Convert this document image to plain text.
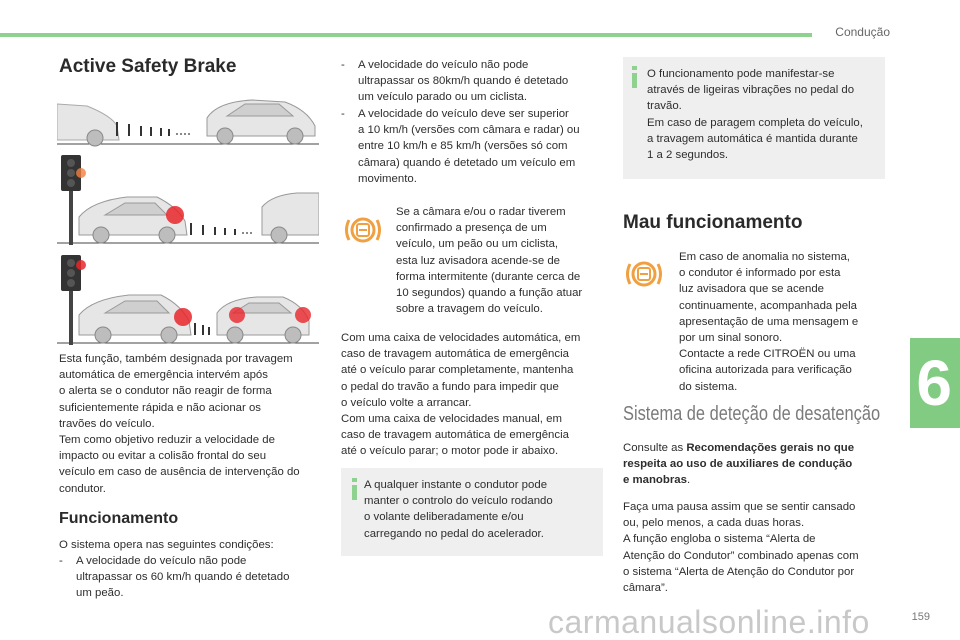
Condução
6
Active Safety Brake
Esta função, também designada por travagem
automática de emergência intervém após
o alerta se o condutor não reagir de forma
suficientemente rápida e não acionar os
travões do veículo.
Tem como objetivo reduzir a velocidade de
impacto ou evitar a colisão frontal do seu
veículo em caso de ausência de intervenção do
condutor.
Funcionamento
O sistema opera nas seguintes condições:
-	A velocidade do veículo não pode
ultrapassar os 60 km/h quando é detetado
um peão.
-	A velocidade do veículo não pode
ultrapassar os 80km/h quando é detetado
um veículo parado ou um ciclista.
-	A velocidade do veículo deve ser superior
a 10 km/h (versões com câmara e radar) ou
entre 10 km/h e 85 km/h (versões só com
câmara) quando é detetado um veículo em
movimento.
Se a câmara e/ou o radar tiverem
confirmado a presença de um
veículo, um peão ou um ciclista,
esta luz avisadora acende-se de
forma intermitente (durante cerca de
10 segundos) quando a função atuar
sobre a travagem do veículo.
Com uma caixa de velocidades automática, em
caso de travagem automática de emergência
até o veículo parar completamente, mantenha
o pedal do travão a fundo para impedir que
o veículo volte a arrancar.
Com uma caixa de velocidades manual, em
caso de travagem automática de emergência
até o veículo parar; o motor pode ir abaixo.
A qualquer instante o condutor pode
manter o controlo do veículo rodando
o volante deliberadamente e/ou
carregando no pedal do acelerador.
O funcionamento pode manifestar-se
através de ligeiras vibrações no pedal do
travão.
Em caso de paragem completa do veículo,
a travagem automática é mantida durante
1 a 2 segundos.
Mau funcionamento
Em caso de anomalia no sistema,
o condutor é informado por esta
luz avisadora que se acende
continuamente, acompanhada pela
apresentação de uma mensagem e
por um sinal sonoro.
Contacte a rede CITROËN ou uma
oficina autorizada para verificação
do sistema.
Sistema de deteção de desatenção
Consulte as Recomendações gerais no que
respeita ao uso de auxiliares de condução
e manobras.
Faça uma pausa assim que se sentir cansado
ou, pelo menos, a cada duas horas.
A função engloba o sistema “Alerta de
Atenção do Condutor” combinado apenas com
o sistema “Alerta de Atenção do Condutor por
câmara”.
carmanualsonline.info	159
